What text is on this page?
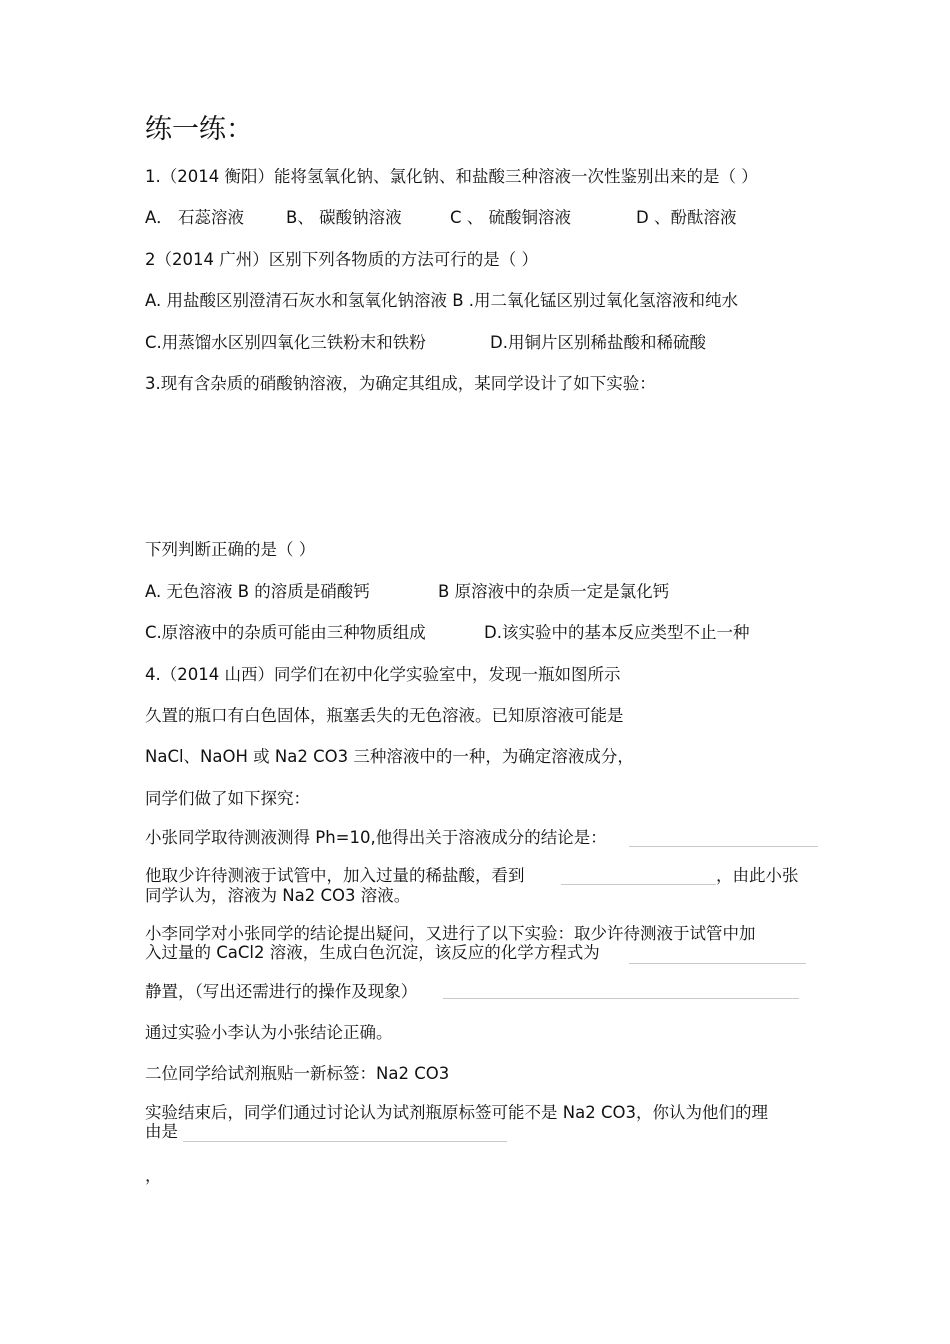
练一练：
1.（2014 衡阳）能将氢氧化钠、氯化钠、和盐酸三种溶液一次性鉴别出来的是（ ）
A． 石蕊溶液	B、 碳酸钠溶液	C 、 硫酸铜溶液	D 、酚酞溶液
2（2014 广州）区别下列各物质的方法可行的是（ ）
A. 用盐酸区别澄清石灰水和氢氧化钠溶液 B .用二氧化锰区别过氧化氢溶液和纯水
C.用蒸馏水区别四氧化三铁粉末和铁粉	D.用铜片区别稀盐酸和稀硫酸
3.现有含杂质的硝酸钠溶液，为确定其组成，某同学设计了如下实验：
下列判断正确的是（ ）
A. 无色溶液 B 的溶质是硝酸钙	B 原溶液中的杂质一定是氯化钙
C.原溶液中的杂质可能由三种物质组成	D.该实验中的基本反应类型不止一种
4.（2014 山西）同学们在初中化学实验室中，发现一瓶如图所示
久置的瓶口有白色固体，瓶塞丢失的无色溶液。已知原溶液可能是
NaCl、NaOH 或 Na2 CO3 三种溶液中的一种，为确定溶液成分，
同学们做了如下探究：
小张同学取待测液测得 Ph=10,他得出关于溶液成分的结论是：
他取少许待测液于试管中，加入过量的稀盐酸，看到	，由此小张
同学认为，溶液为 Na2 CO3 溶液。
小李同学对小张同学的结论提出疑问，又进行了以下实验：取少许待测液于试管中加
入过量的 CaCl2 溶液，生成白色沉淀，该反应的化学方程式为
静置，（写出还需进行的操作及现象）
通过实验小李认为小张结论正确。
二位同学给试剂瓶贴一新标签：Na2 CO3
实验结束后，同学们通过讨论认为试剂瓶原标签可能不是 Na2 CO3，你认为他们的理
由是
，
